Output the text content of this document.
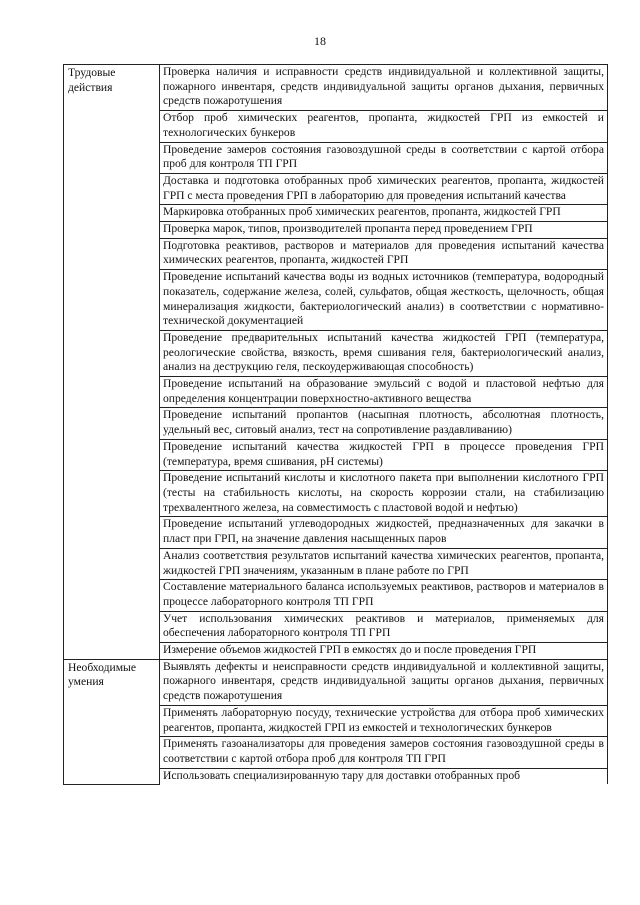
18
Трудовые действия	Проверка наличия и исправности средств индивидуальной и коллективной защиты, пожарного инвентаря, средств индивидуальной защиты органов дыхания, первичных средств пожаротушения
	Отбор проб химических реагентов, пропанта, жидкостей ГРП из емкостей и технологических бункеров
	Проведение замеров состояния газовоздушной среды в соответствии с картой отбора проб для контроля ТП ГРП
	Доставка и подготовка отобранных проб химических реагентов, пропанта, жидкостей ГРП с места проведения ГРП в лабораторию для проведения испытаний качества
	Маркировка отобранных проб химических реагентов, пропанта, жидкостей ГРП
	Проверка марок, типов, производителей пропанта перед проведением ГРП
	Подготовка реактивов, растворов и материалов для проведения испытаний качества химических реагентов, пропанта, жидкостей ГРП
	Проведение испытаний качества воды из водных источников (температура, водородный показатель, содержание железа, солей, сульфатов, общая жесткость, щелочность, общая минерализация жидкости, бактериологический анализ) в соответствии с нормативно-технической документацией
	Проведение предварительных испытаний качества жидкостей ГРП (температура, реологические свойства, вязкость, время сшивания геля, бактериологический анализ, анализ на деструкцию геля, пескоудерживающая способность)
	Проведение испытаний на образование эмульсий с водой и пластовой нефтью для определения концентрации поверхностно-активного вещества
	Проведение испытаний пропантов (насыпная плотность, абсолютная плотность, удельный вес, ситовый анализ, тест на сопротивление раздавливанию)
	Проведение испытаний качества жидкостей ГРП в процессе проведения ГРП (температура, время сшивания, pH системы)
	Проведение испытаний кислоты и кислотного пакета при выполнении кислотного ГРП (тесты на стабильность кислоты, на скорость коррозии стали, на стабилизацию трехвалентного железа, на совместимость с пластовой водой и нефтью)
	Проведение испытаний углеводородных жидкостей, предназначенных для закачки в пласт при ГРП, на значение давления насыщенных паров
	Анализ соответствия результатов испытаний качества химических реагентов, пропанта, жидкостей ГРП значениям, указанным в плане работе по ГРП
	Составление материального баланса используемых реактивов, растворов и материалов в процессе лабораторного контроля ТП ГРП
	Учет использования химических реактивов и материалов, применяемых для обеспечения лабораторного контроля ТП ГРП
	Измерение объемов жидкостей ГРП в емкостях до и после проведения ГРП
Необходимые умения	Выявлять дефекты и неисправности средств индивидуальной и коллективной защиты, пожарного инвентаря, средств индивидуальной защиты органов дыхания, первичных средств пожаротушения
	Применять лабораторную посуду, технические устройства для отбора проб химических реагентов, пропанта, жидкостей ГРП из емкостей и технологических бункеров
	Применять газоанализаторы для проведения замеров состояния газовоздушной среды в соответствии с картой отбора проб для контроля ТП ГРП
	Использовать специализированную тару для доставки отобранных проб
